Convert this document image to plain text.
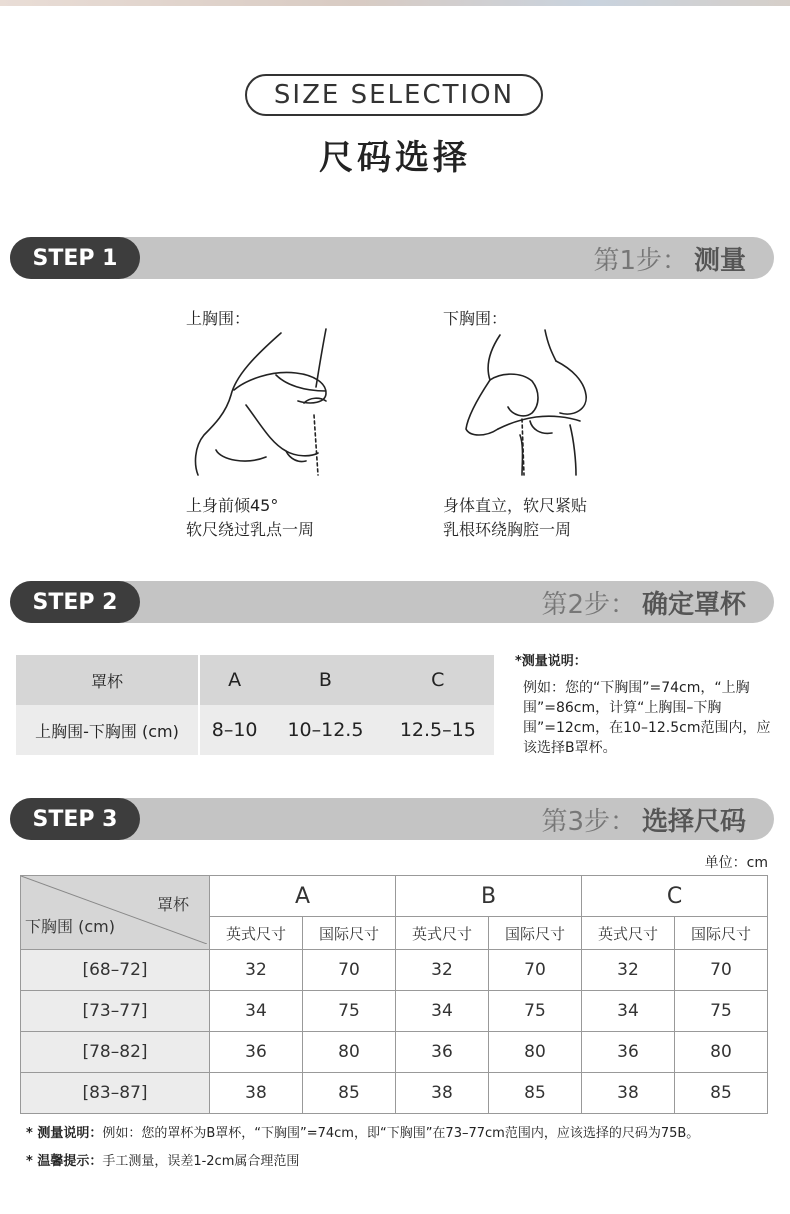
SIZE SELECTION
尺码选择
STEP 1	第1步： 测量
上胸围：
上身前倾45°
软尺绕过乳点一周
下胸围：
身体直立，软尺紧贴
乳根环绕胸腔一周
STEP 2	第2步： 确定罩杯
罩杯	A	B	C
上胸围-下胸围 (cm)	8–10	10–12.5	12.5–15
*测量说明：
例如：您的“下胸围”=74cm，“上胸围”=86cm，计算“上胸围–下胸围”=12cm，在10–12.5cm范围内，应该选择B罩杯。
STEP 3	第3步： 选择尺码
单位：cm
罩杯
下胸围 (cm)	A		B		C	
	英式尺寸	国际尺寸	英式尺寸	国际尺寸	英式尺寸	国际尺寸
[68–72]	32	70	32	70	32	70
[73–77]	34	75	34	75	34	75
[78–82]	36	80	36	80	36	80
[83–87]	38	85	38	85	38	85
* 测量说明：例如：您的罩杯为B罩杯，“下胸围”=74cm，即“下胸围”在73–77cm范围内，应该选择的尺码为75B。
* 温馨提示：手工测量，误差1-2cm属合理范围
